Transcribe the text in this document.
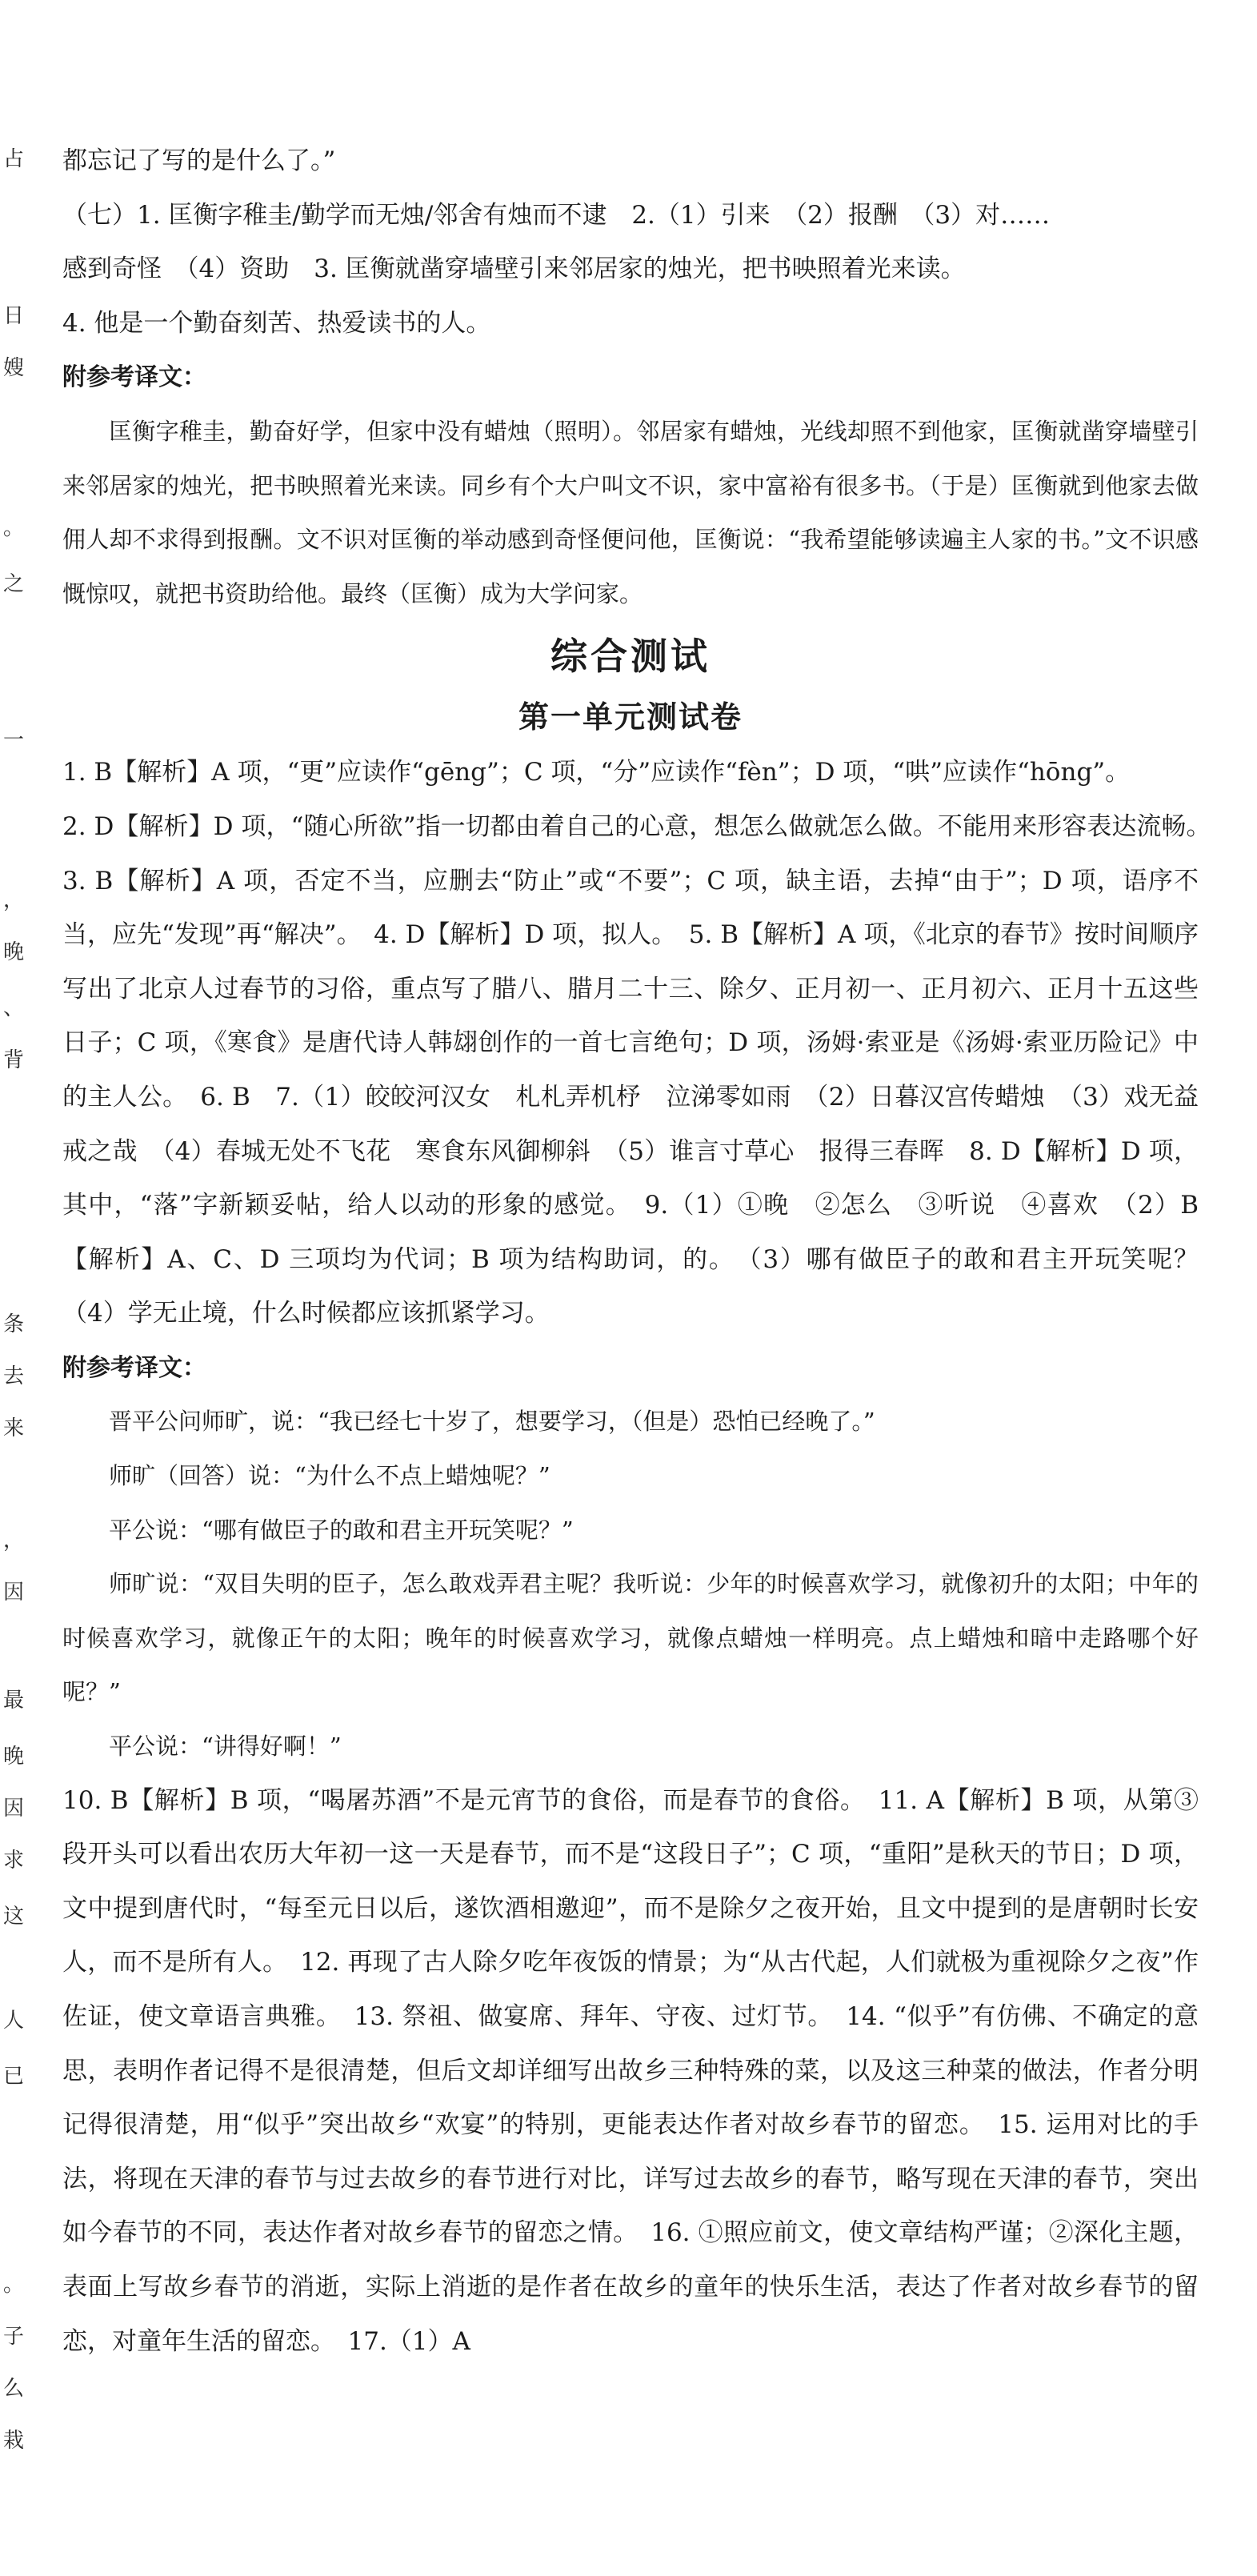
占
日
嫂
。
之
一
，
晚
、
背
条
去
来
，
因
最
晚
因
求
这
人
已
。
子
么
栽

都忘记了写的是什么了。”

（七）1. 匡衡字稚圭/勤学而无烛/邻舍有烛而不逮　2.（1）引来　（2）报酬　（3）对……

感到奇怪　（4）资助　3. 匡衡就凿穿墙壁引来邻居家的烛光，把书映照着光来读。

4. 他是一个勤奋刻苦、热爱读书的人。

附参考译文：

匡衡字稚圭，勤奋好学，但家中没有蜡烛（照明）。邻居家有蜡烛，光线却照不到他家，匡衡就凿穿墙壁引来邻居家的烛光，把书映照着光来读。同乡有个大户叫文不识，家中富裕有很多书。（于是）匡衡就到他家去做佣人却不求得到报酬。文不识对匡衡的举动感到奇怪便问他，匡衡说：“我希望能够读遍主人家的书。”文不识感慨惊叹，就把书资助给他。最终（匡衡）成为大学问家。

综合测试
第一单元测试卷

1. B【解析】A 项，“更”应读作“gēng”；C 项，“分”应读作“fèn”；D 项，“哄”应读作“hōng”。

2. D【解析】D 项，“随心所欲”指一切都由着自己的心意，想怎么做就怎么做。不能用来形容表达流畅。　3. B【解析】A 项，否定不当，应删去“防止”或“不要”；C 项，缺主语，去掉“由于”；D 项，语序不当，应先“发现”再“解决”。　4. D【解析】D 项，拟人。　5. B【解析】A 项，《北京的春节》按时间顺序写出了北京人过春节的习俗，重点写了腊八、腊月二十三、除夕、正月初一、正月初六、正月十五这些日子；C 项，《寒食》是唐代诗人韩翃创作的一首七言绝句；D 项，汤姆·索亚是《汤姆·索亚历险记》中的主人公。　6. B　7.（1）皎皎河汉女　札札弄机杼　泣涕零如雨　（2）日暮汉宫传蜡烛　（3）戏无益　戒之哉　（4）春城无处不飞花　寒食东风御柳斜　（5）谁言寸草心　报得三春晖　8. D【解析】D 项，其中，“落”字新颖妥帖，给人以动的形象的感觉。　9.（1）①晚　②怎么　③听说　④喜欢　（2）B【解析】A、C、D 三项均为代词；B 项为结构助词，的。　（3）哪有做臣子的敢和君主开玩笑呢？　（4）学无止境，什么时候都应该抓紧学习。

附参考译文：

晋平公问师旷，说：“我已经七十岁了，想要学习，（但是）恐怕已经晚了。”

师旷（回答）说：“为什么不点上蜡烛呢？”

平公说：“哪有做臣子的敢和君主开玩笑呢？”

师旷说：“双目失明的臣子，怎么敢戏弄君主呢？我听说：少年的时候喜欢学习，就像初升的太阳；中年的时候喜欢学习，就像正午的太阳；晚年的时候喜欢学习，就像点蜡烛一样明亮。点上蜡烛和暗中走路哪个好呢？”

平公说：“讲得好啊！”

10. B【解析】B 项，“喝屠苏酒”不是元宵节的食俗，而是春节的食俗。　11. A【解析】B 项，从第③段开头可以看出农历大年初一这一天是春节，而不是“这段日子”；C 项，“重阳”是秋天的节日；D 项，文中提到唐代时，“每至元日以后，遂饮酒相邀迎”，而不是除夕之夜开始，且文中提到的是唐朝时长安人，而不是所有人。　12. 再现了古人除夕吃年夜饭的情景；为“从古代起，人们就极为重视除夕之夜”作佐证，使文章语言典雅。　13. 祭祖、做宴席、拜年、守夜、过灯节。　14. “似乎”有仿佛、不确定的意思，表明作者记得不是很清楚，但后文却详细写出故乡三种特殊的菜，以及这三种菜的做法，作者分明记得很清楚，用“似乎”突出故乡“欢宴”的特别，更能表达作者对故乡春节的留恋。　15. 运用对比的手法，将现在天津的春节与过去故乡的春节进行对比，详写过去故乡的春节，略写现在天津的春节，突出如今春节的不同，表达作者对故乡春节的留恋之情。　16. ①照应前文，使文章结构严谨；②深化主题，表面上写故乡春节的消逝，实际上消逝的是作者在故乡的童年的快乐生活，表达了作者对故乡春节的留恋，对童年生活的留恋。　17.（1）A
